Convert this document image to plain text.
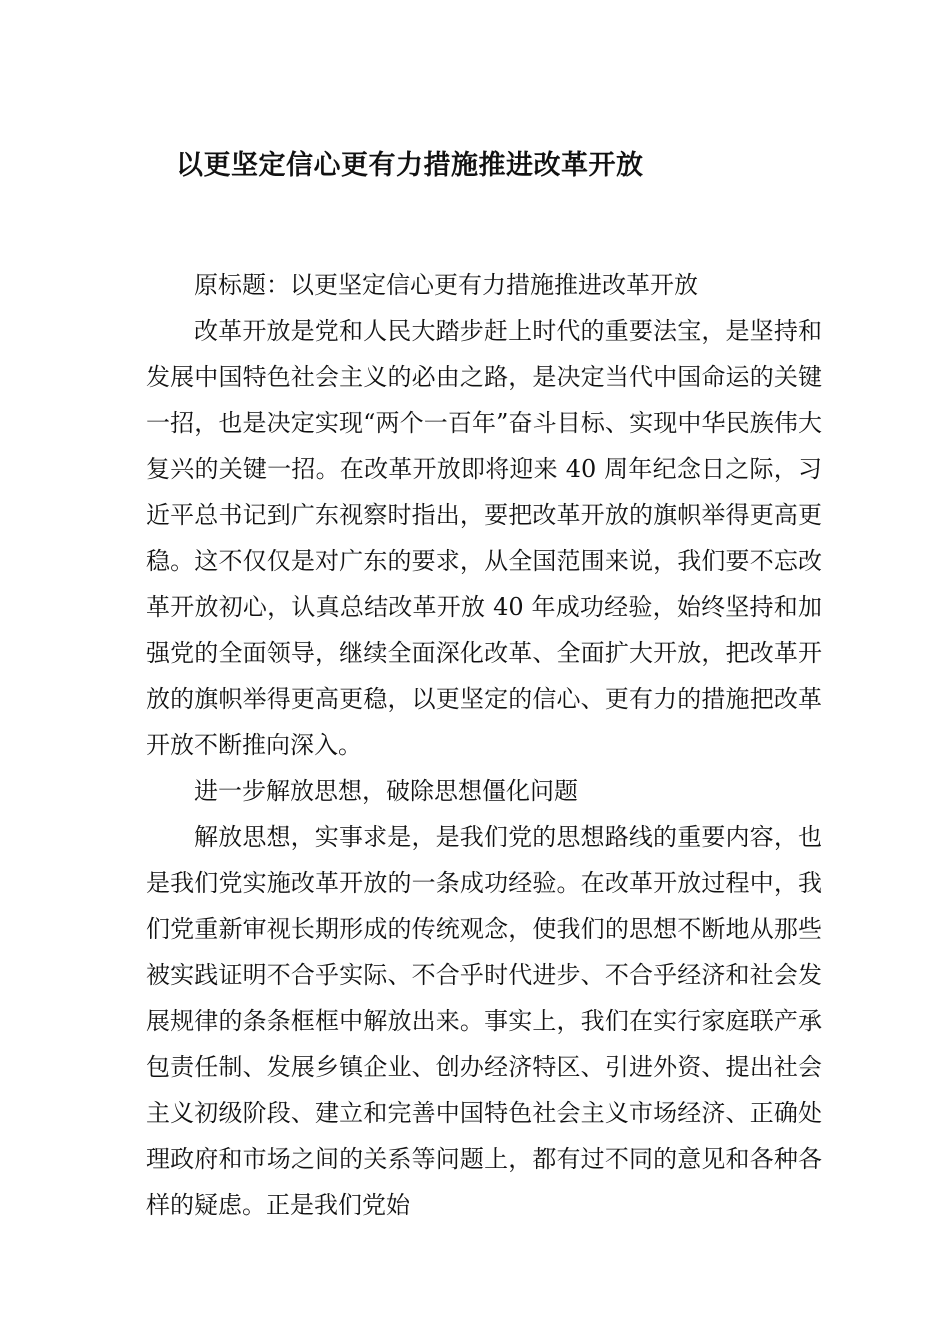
以更坚定信心更有力措施推进改革开放

原标题：以更坚定信心更有力措施推进改革开放

改革开放是党和人民大踏步赶上时代的重要法宝，是坚持和发展中国特色社会主义的必由之路，是决定当代中国命运的关键一招，也是决定实现“两个一百年”奋斗目标、实现中华民族伟大复兴的关键一招。在改革开放即将迎来 40 周年纪念日之际，习近平总书记到广东视察时指出，要把改革开放的旗帜举得更高更稳。这不仅仅是对广东的要求，从全国范围来说，我们要不忘改革开放初心，认真总结改革开放 40 年成功经验，始终坚持和加强党的全面领导，继续全面深化改革、全面扩大开放，把改革开放的旗帜举得更高更稳，以更坚定的信心、更有力的措施把改革开放不断推向深入。

进一步解放思想，破除思想僵化问题

解放思想，实事求是，是我们党的思想路线的重要内容，也是我们党实施改革开放的一条成功经验。在改革开放过程中，我们党重新审视长期形成的传统观念，使我们的思想不断地从那些被实践证明不合乎实际、不合乎时代进步、不合乎经济和社会发展规律的条条框框中解放出来。事实上，我们在实行家庭联产承包责任制、发展乡镇企业、创办经济特区、引进外资、提出社会主义初级阶段、建立和完善中国特色社会主义市场经济、正确处理政府和市场之间的关系等问题上，都有过不同的意见和各种各样的疑虑。正是我们党始
